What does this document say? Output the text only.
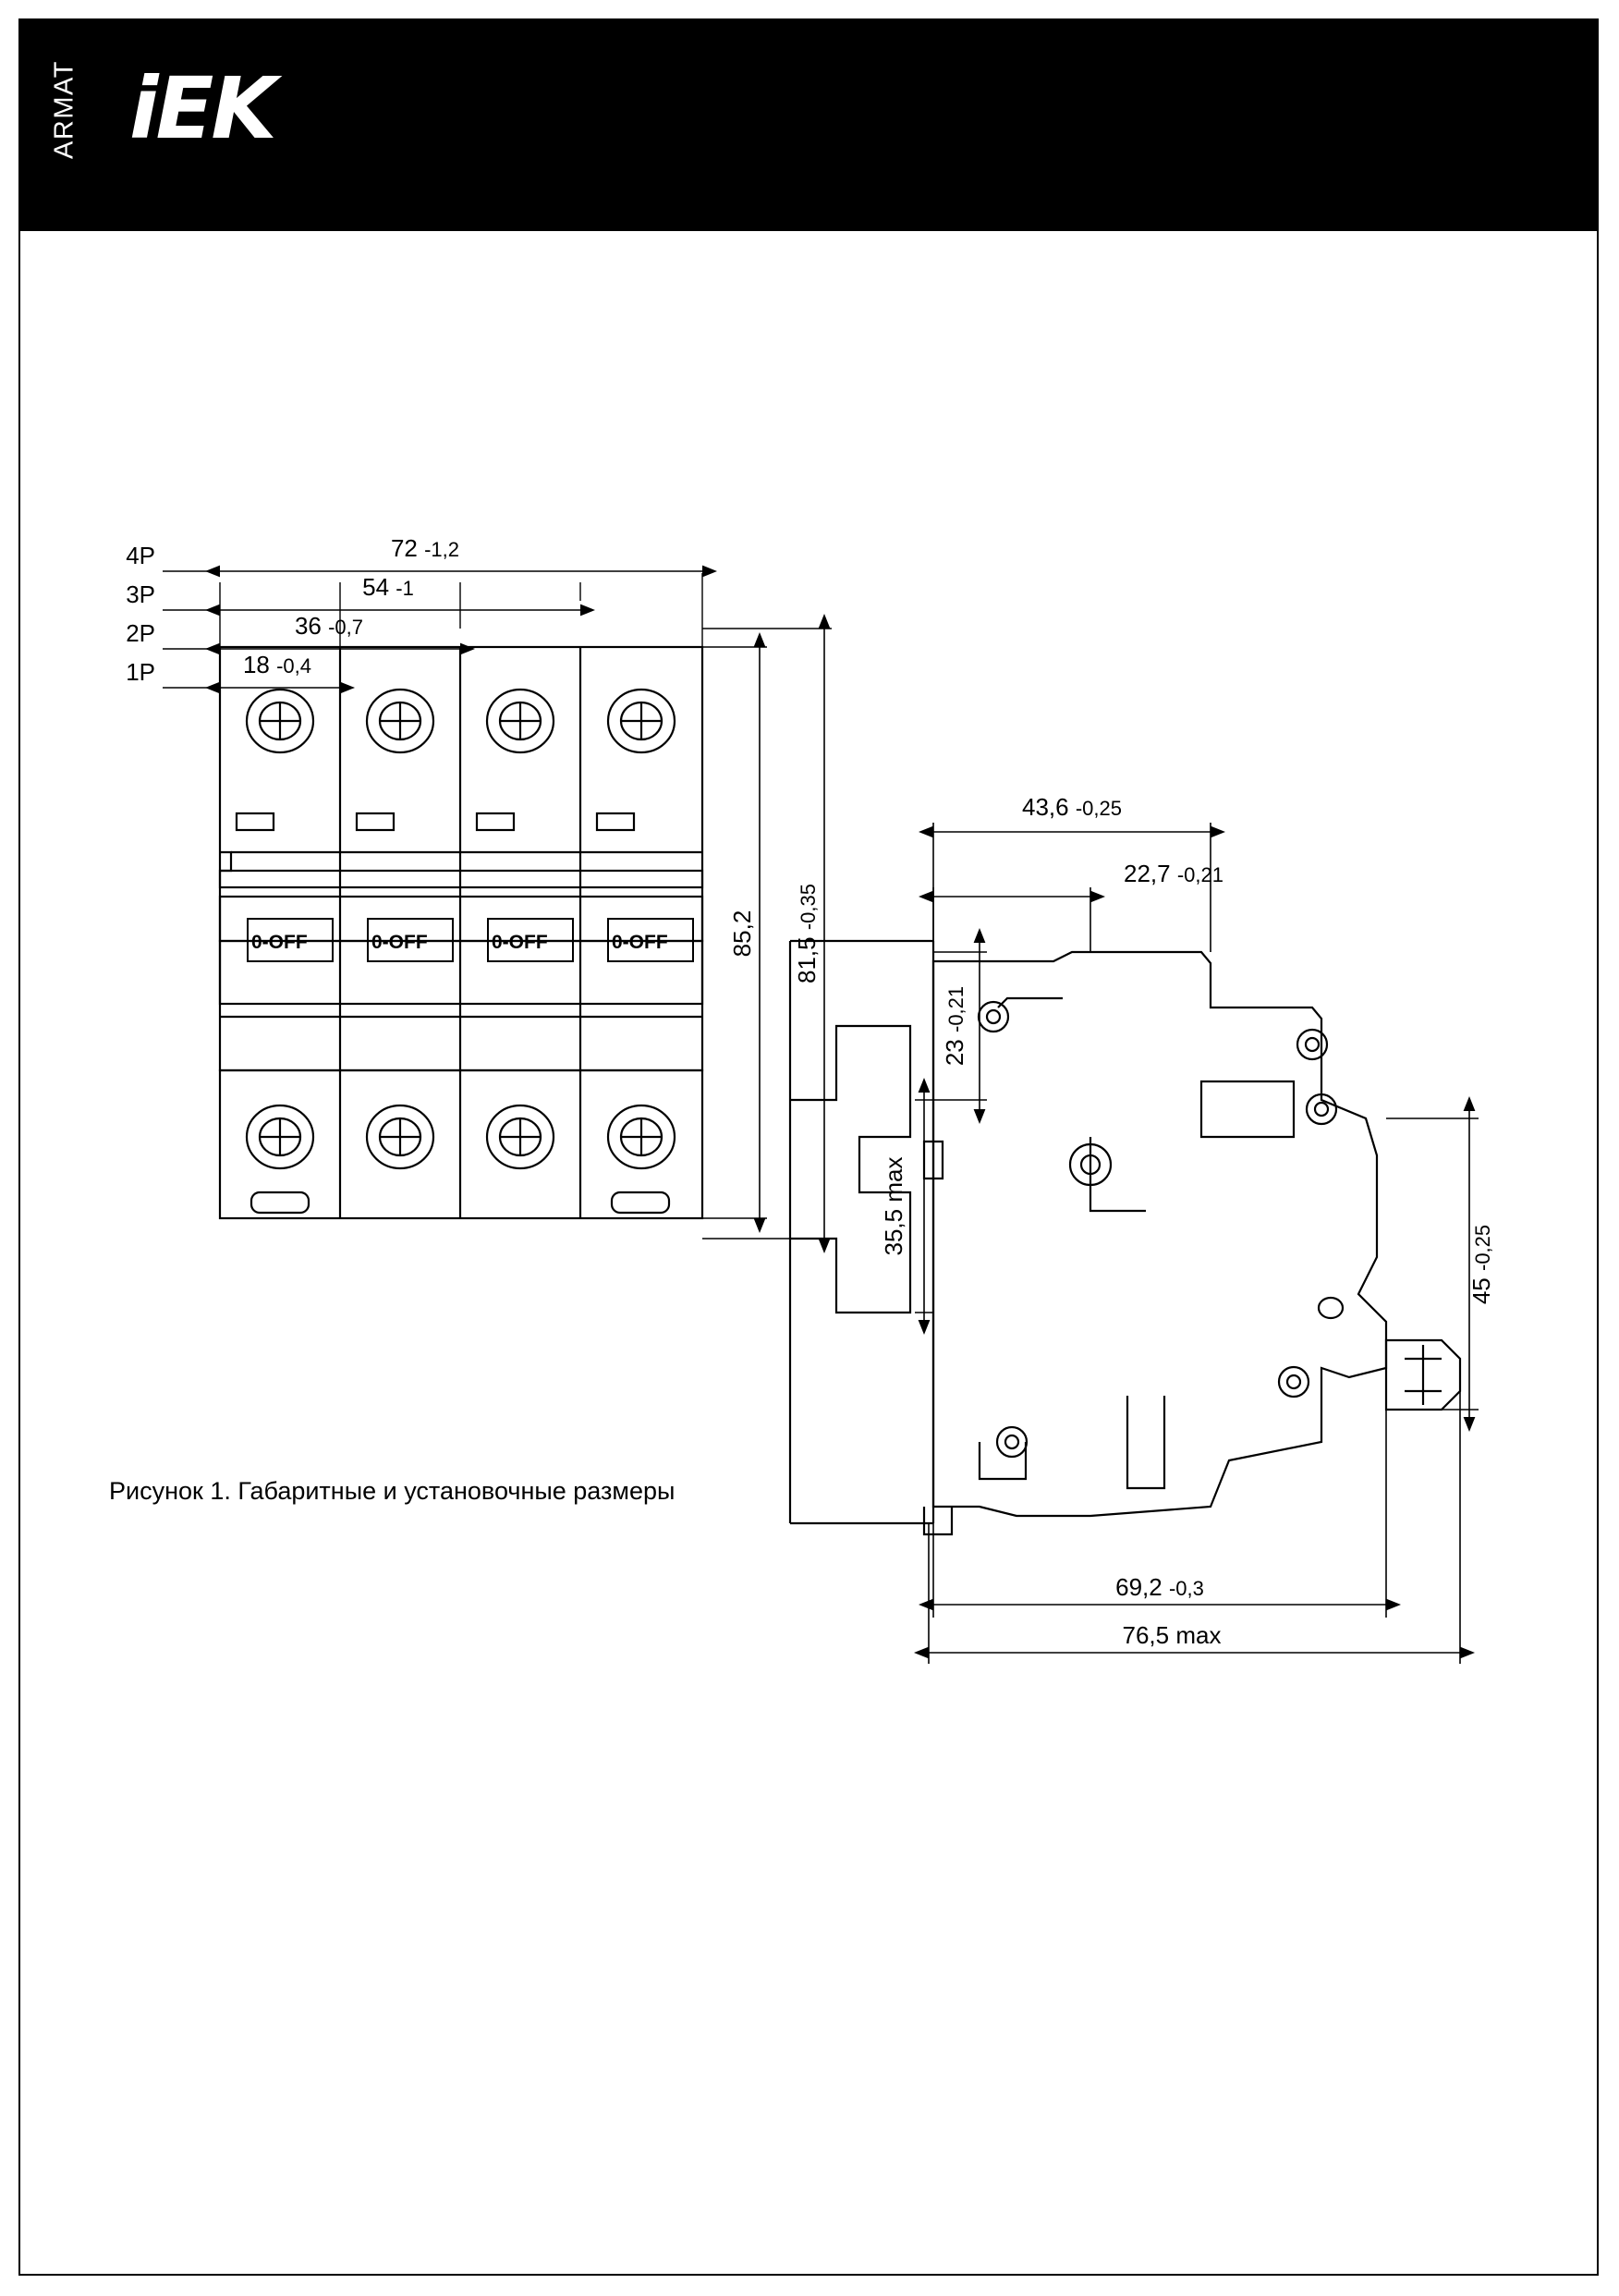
ARMAT iEK
4P
3P
2P
1P
72 -1,2
54 -1
36 -0,7
18 -0,4
85,2 81,5 -0,35
43,6 -0,25
22,7 -0,21
23 -0,21
35,5 max
45 -0,25
69,2 -0,3
76,5 max
0-OFF	0-OFF	0-OFF	0-OFF
Рисунок 1. Габаритные и установочные размеры
